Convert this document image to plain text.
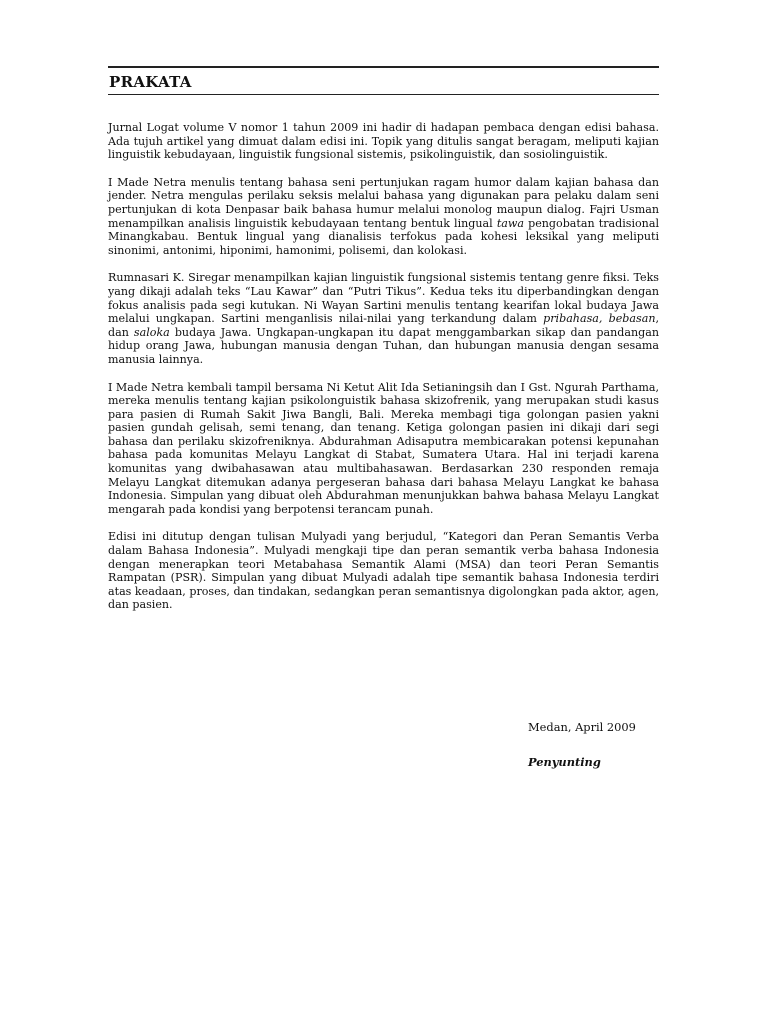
PRAKATA

Jurnal Logat volume V nomor 1 tahun 2009 ini hadir di hadapan pembaca dengan edisi bahasa. Ada tujuh artikel yang dimuat dalam edisi ini. Topik yang ditulis sangat beragam, meliputi kajian linguistik kebudayaan, linguistik fungsional sistemis, psikolinguistik, dan sosiolinguistik.

I Made Netra menulis tentang bahasa seni pertunjukan ragam humor dalam kajian bahasa dan jender. Netra mengulas perilaku seksis melalui bahasa yang digunakan para pelaku dalam seni pertunjukan di kota Denpasar baik bahasa humur melalui monolog maupun dialog. Fajri Usman menampilkan analisis linguistik kebudayaan tentang bentuk lingual tawa pengobatan tradisional Minangkabau. Bentuk lingual yang dianalisis terfokus pada kohesi leksikal yang meliputi sinonimi, antonimi, hiponimi, hamonimi, polisemi, dan kolokasi.

Rumnasari K. Siregar menampilkan kajian linguistik fungsional sistemis tentang genre fiksi. Teks yang dikaji adalah teks “Lau Kawar” dan “Putri Tikus”. Kedua teks itu diperbandingkan dengan fokus analisis pada segi kutukan. Ni Wayan Sartini menulis tentang kearifan lokal budaya Jawa melalui ungkapan. Sartini menganlisis nilai-nilai yang terkandung dalam pribahasa, bebasan, dan saloka budaya Jawa. Ungkapan-ungkapan itu dapat menggambarkan sikap dan pandangan hidup orang Jawa, hubungan manusia dengan Tuhan, dan hubungan manusia dengan sesama manusia lainnya.

I Made Netra kembali tampil bersama Ni Ketut Alit Ida Setianingsih dan I Gst. Ngurah Parthama, mereka menulis tentang kajian psikolonguistik bahasa skizofrenik, yang merupakan studi kasus para pasien di Rumah Sakit Jiwa Bangli, Bali. Mereka membagi tiga golongan pasien yakni pasien gundah gelisah, semi tenang, dan tenang. Ketiga golongan pasien ini dikaji dari segi bahasa dan perilaku skizofreniknya. Abdurahman Adisaputra membicarakan potensi kepunahan bahasa pada komunitas Melayu Langkat di Stabat, Sumatera Utara. Hal ini terjadi karena komunitas yang dwibahasawan atau multibahasawan. Berdasarkan 230 responden remaja Melayu Langkat ditemukan adanya pergeseran bahasa dari bahasa Melayu Langkat ke bahasa Indonesia. Simpulan yang dibuat oleh Abdurahman menunjukkan bahwa bahasa Melayu Langkat mengarah pada kondisi yang berpotensi terancam punah.

Edisi ini ditutup dengan tulisan Mulyadi yang berjudul, “Kategori dan Peran Semantis Verba dalam Bahasa Indonesia”. Mulyadi mengkaji tipe dan peran semantik verba bahasa Indonesia dengan menerapkan teori Metabahasa Semantik Alami (MSA) dan teori Peran Semantis Rampatan (PSR). Simpulan yang dibuat Mulyadi adalah tipe semantik bahasa Indonesia terdiri atas keadaan, proses, dan tindakan, sedangkan peran semantisnya digolongkan pada aktor, agen, dan pasien.

Medan, April 2009
Penyunting
